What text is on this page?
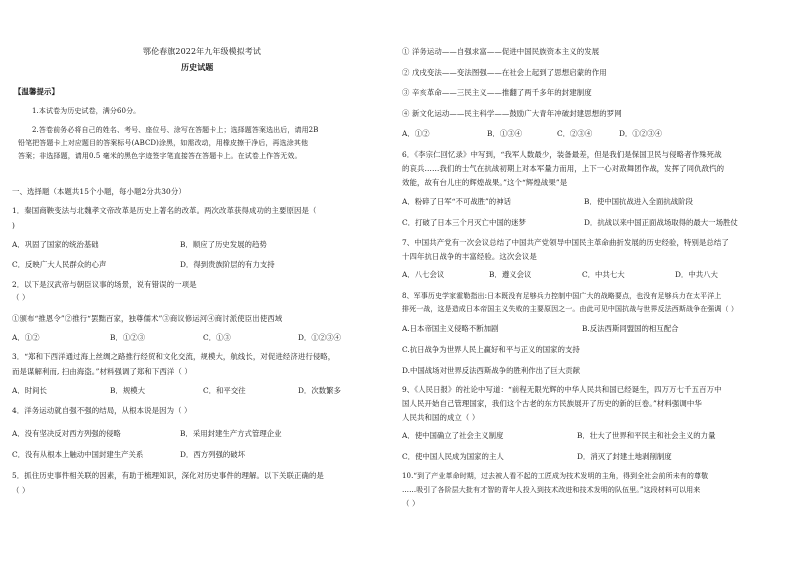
鄂伦春旗2022年九年级模拟考试
历史试题
【温馨提示】
1.本试卷为历史试卷，满分60分。
2.答卷前务必将自己的姓名、考号、座位号、涂写在答题卡上；选择题答案选出后，请用2B
铅笔把答题卡上对应题目的答案标号(ABCD)涂黑，如需改动，用橡皮擦干净后，再选涂其他
答案；非选择题，请用0.5 毫米的黑色字迹签字笔直接答在答题卡上。在试卷上作答无效。
一、选择题（本题共15个小题，每小题2分共30分）
1．秦国商鞅变法与北魏孝文帝改革是历史上著名的改革。两次改革获得成功的主要原因是（
)
A．巩固了国家的统治基础	B．顺应了历史发展的趋势
C．反映广大人民群众的心声	D．得到贵族阶层的有力支持
2．以下是汉武帝与朝臣议事的场景，说有错误的一项是
（ ）
①颁布“推恩令”②推行“罢黜百家，独尊儒术”③商议修运河④商讨派使臣出使西域
A．①②	B．①②③	C．①③	D．①②③④
3．“郑和下西洋通过海上丝绸之路推行经贸和文化交流，规模大，航线长，对促进经济进行侵略，
而是谋解利而, 扫由海盗。”材料强调了郑和下西洋（ ）
A．时间长	B．规模大	C．和平交往	D．次数繁多
4．洋务运动就自强不强的结局，从根本说是因为（ ）
A．没有坚决反对西方列强的侵略	B．采用封建生产方式管理企业
C．没有从根本上触动中国封建生产关系	D．西方列强的破坏
5．抓住历史事件相关联的因素，有助于梳理知识，深化对历史事件的理解。以下关联正确的是
（ ）
① 洋务运动——自强求富——促进中国民族资本主义的发展
② 戊戌变法——变法图强——在社会上起到了思想启蒙的作用
③ 辛亥革命——三民主义——推翻了两千多年的封建制度
④ 新文化运动——民主科学——鼓励广大青年冲破封建思想的罗网
A．①②	B．①③④	C．②③④	D．①②③④
6．《李宗仁回忆录》中写到，“我军人数最少，装备最差，但是我们是保国卫民与侵略者作殊死战
的哀兵……我们的士气在抗战初期上对本军量力而用，上下一心对敌舞团作战，发挥了同仇敌忾的
效能，故有台儿庄的辉煌战果。”这个“辉煌战果”是
A．粉碎了日军“不可战胜”的神话	B．使中国抗战进入全面抗战阶段
C．打破了日本三个月灭亡中国的迷梦	D．抗战以来中国正面战场取得的最大一场胜仗
7、中国共产党有一次会议总结了中国共产党领导中国民主革命曲折发展的历史经验，特别是总结了
十四年抗日战争的丰富经验。这次会议是
A．八七会议	B．遵义会议	C．中共七大	D．中共八大
8、军事历史学家霍勒指出:日本既没有足够兵力控制中国广大的战略要点，也没有足够兵力在太平洋上
排死一战，这是造成日本帝国主义失败的主要原因之一。由此可见中国抗战与世界反法西斯战争在强调（ ）
A.日本帝国主义侵略不断加剧	B.反法西斯同盟国的相互配合
C.抗日战争为世界人民上赢好和平与正义的国家的支持
D.中国战场对世界反法西斯战争的胜利作出了巨大贡献
9、《人民日报》的社论中写道：“前程无限光辉的中华人民共和国已经诞生，四万万七千五百万中
国人民开始自己管理国家，我们这个古老的东方民族展开了历史的新的巨卷。”材料强调中华
人民共和国的成立（ ）
A．使中国确立了社会主义制度	B．壮大了世界和平民主和社会主义的力量
C．使中国人民成为国家的主人	D．消灭了封建土地剥削制度
10.“到了产业革命时期，过去被人看不起的工匠成为技术发明的主角，得到全社会前所未有的尊敬
……吸引了各阶层大批有才智的青年人投入到技术改进和技术发明的队伍里。”这段材料可以用来
（ ）
